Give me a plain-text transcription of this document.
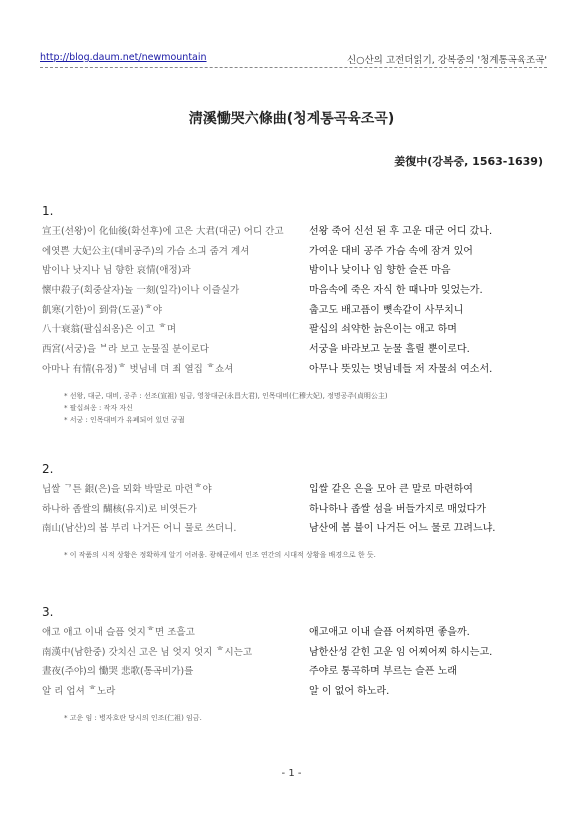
http://blog.daum.net/newmountain	신○산의 고전더읽기, 강복중의 '청계통곡육조곡'
淸溪慟哭六條曲(청계통곡육조곡)
姜復中(강복중, 1563-1639)
1.
宣王(선왕)이 化仙後(화선후)에 고은 大君(대군) 어디 간고	선왕 죽어 신선 된 후 고운 대군 어디 갔나.
에엿쁜 大妃公主(대비공주)의 가슴 소긔 줌겨 계셔	가여운 대비 공주 가슴 속에 잠겨 있어
밤이나 낫지나 님 향한 哀情(애정)과	밤이나 낮이나 임 향한 슬픈 마음
懷中殺子(회중살자)놀 一刻(일각)이나 이즐실가	마음속에 죽은 자식 한 때나마 잊었는가.
飢寒(기한)이 到骨(도골)ᄒ야	춥고도 배고픔이 뼛속같이 사무치니
八十衰翁(팔십쇠옹)은 이고 ᄒ며	팔십의 쇠약한 늙은이는 애고 하며
西宮(서궁)을 ᄇ라 보고 눈물질 분이로다	서궁을 바라보고 눈물 흘릴 뿐이로다.
아마나 有情(유정)ᄒ 벗님네 뎌 죄 열집 ᄒ쇼셔	아무나 뜻있는 벗님네들 저 자물쇠 여소서.
* 선왕, 대군, 대비, 공주 : 선조(宣祖) 임금, 영창대군(永昌大君), 인목대비(仁穆大妃), 정명공주(貞明公主)
* 팔십쇠옹 : 작자 자신
* 서궁 : 인목대비가 유폐되어 있던 궁궐
2.
닙쌀 ᄀ튼 銀(은)을 뫼화 박말로 마련ᄒ야	입쌀 같은 은을 모아 큰 말로 마련하여
하나하 좁쌀의 醐核(유지)로 비엿든가	하나하나 좁쌀 섬을 버들가지로 매었다가
南山(남산)의 봄 부리 나거든 어니 물로 쓰더니.	남산에 봄 불이 나거든 어느 물로 끄려느냐.
* 이 작품의 시적 상황은 정확하게 알기 어려움. 광해군에서 인조 연간의 시대적 상황을 배경으로 한 듯.
3.
애고 애고 이내 슬픔 엇지ᄒ면 조흘고	애고애고 이내 슬픔 어찌하면 좋을까.
南漢中(남한중) 갓치신 고은 님 엇지 엇지 ᄒ시는고	남한산성 갇힌 고운 임 어찌어찌 하시는고.
晝夜(주야)의 慟哭 悲歌(통곡비가)를	주야로 통곡하며 부르는 슬픈 노래
알 리 업셔 ᄒ노라	알 이 없어 하노라.
* 고운 임 : 병자호란 당시의 인조(仁祖) 임금.
- 1 -
